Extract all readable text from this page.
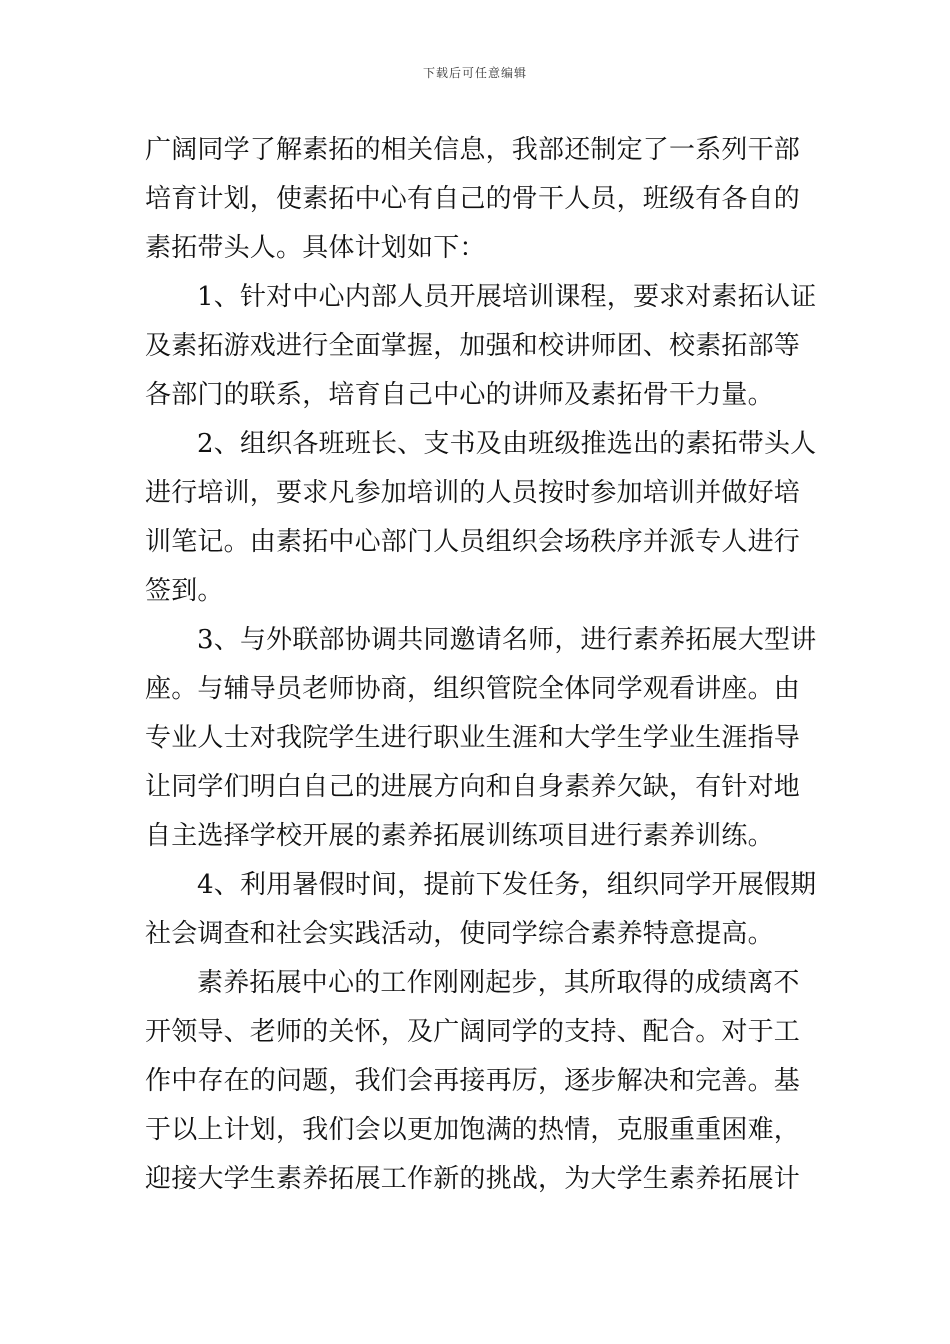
下载后可任意编辑

广阔同学了解素拓的相关信息，我部还制定了一系列干部
培育计划，使素拓中心有自己的骨干人员，班级有各自的
素拓带头人。具体计划如下：

1、针对中心内部人员开展培训课程，要求对素拓认证
及素拓游戏进行全面掌握，加强和校讲师团、校素拓部等
各部门的联系，培育自己中心的讲师及素拓骨干力量。

2、组织各班班长、支书及由班级推选出的素拓带头人
进行培训，要求凡参加培训的人员按时参加培训并做好培
训笔记。由素拓中心部门人员组织会场秩序并派专人进行
签到。

3、与外联部协调共同邀请名师，进行素养拓展大型讲
座。与辅导员老师协商，组织管院全体同学观看讲座。由
专业人士对我院学生进行职业生涯和大学生学业生涯指导
让同学们明白自己的进展方向和自身素养欠缺，有针对地
自主选择学校开展的素养拓展训练项目进行素养训练。

4、利用暑假时间，提前下发任务，组织同学开展假期
社会调查和社会实践活动，使同学综合素养特意提高。

素养拓展中心的工作刚刚起步，其所取得的成绩离不
开领导、老师的关怀，及广阔同学的支持、配合。对于工
作中存在的问题，我们会再接再厉，逐步解决和完善。基
于以上计划，我们会以更加饱满的热情，克服重重困难，
迎接大学生素养拓展工作新的挑战，为大学生素养拓展计
